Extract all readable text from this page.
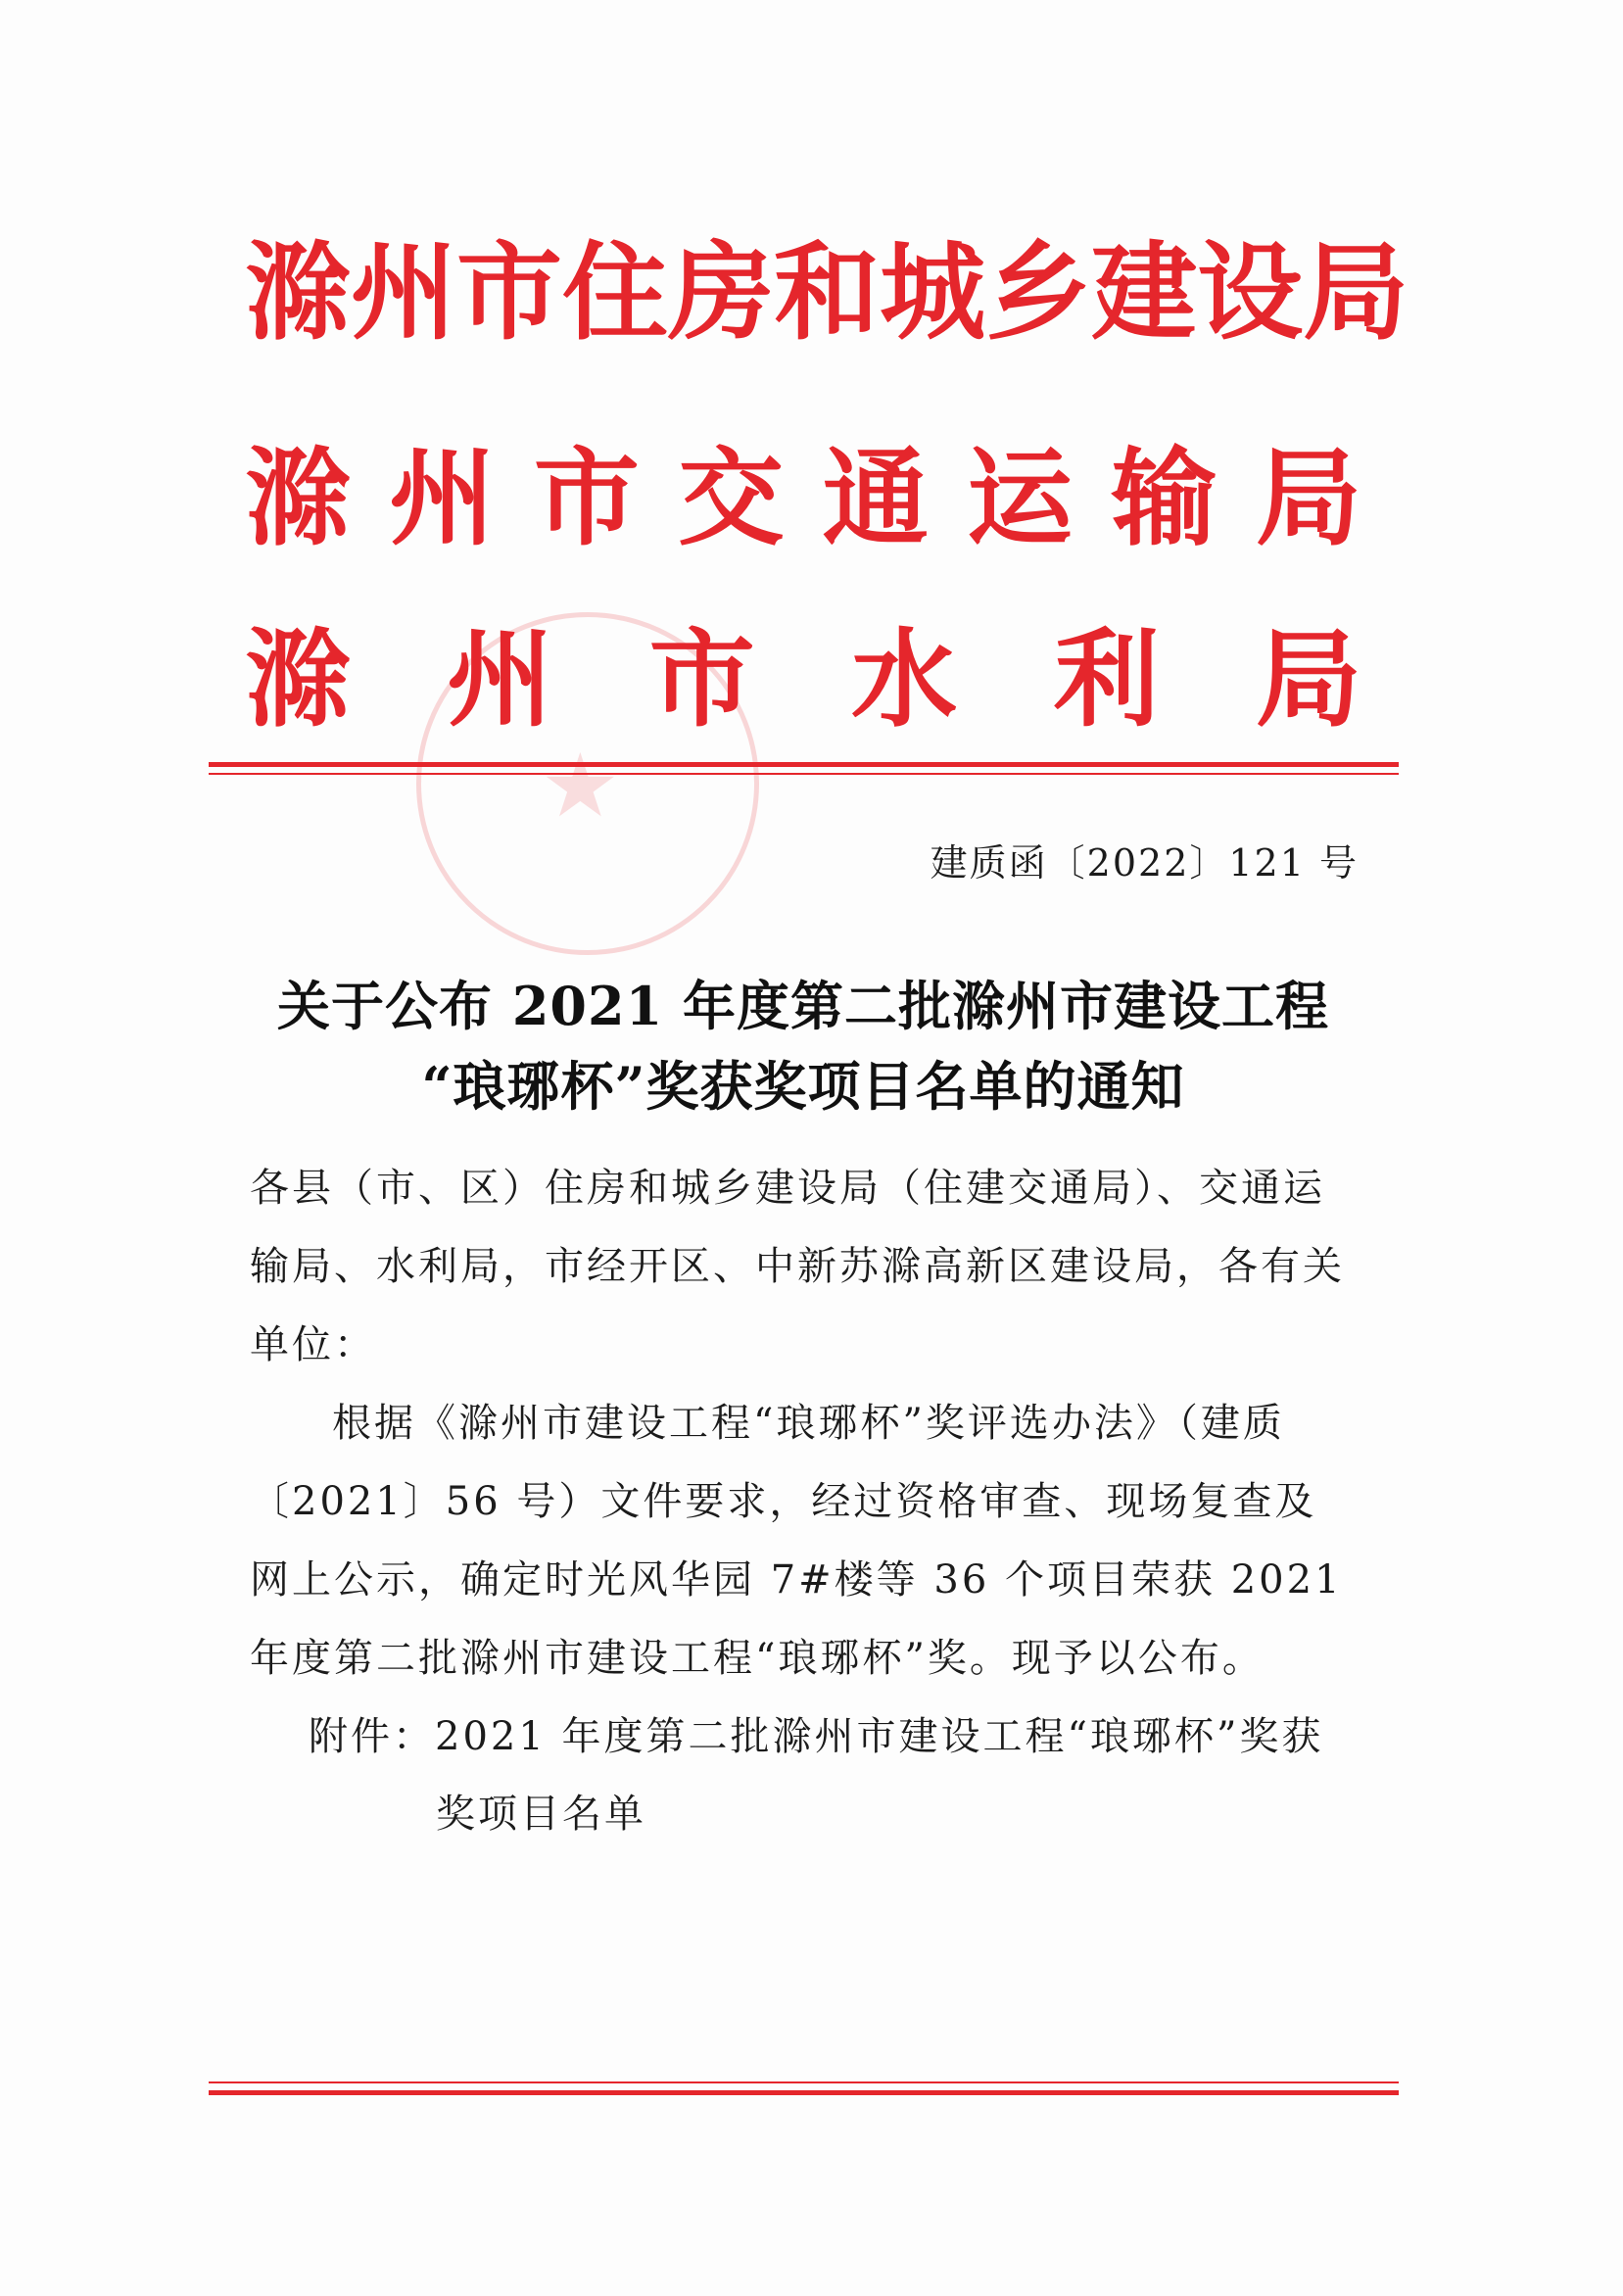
★
滁 州 市 住 房 和 城 乡 建 设 局
滁 州 市 交 通 运 输 局
滁 州 市 水 利 局
建质函〔2022〕121 号
关于公布 2021 年度第二批滁州市建设工程
“琅琊杯”奖获奖项目名单的通知
各县（市、区）住房和城乡建设局（住建交通局）、交通运输局、水利局，市经开区、中新苏滁高新区建设局，各有关单位：
根据《滁州市建设工程“琅琊杯”奖评选办法》（建质〔2021〕56 号）文件要求，经过资格审查、现场复查及网上公示，确定时光风华园 7#楼等 36 个项目荣获 2021 年度第二批滁州市建设工程“琅琊杯”奖。现予以公布。
附件：2021 年度第二批滁州市建设工程“琅琊杯”奖获
奖项目名单
